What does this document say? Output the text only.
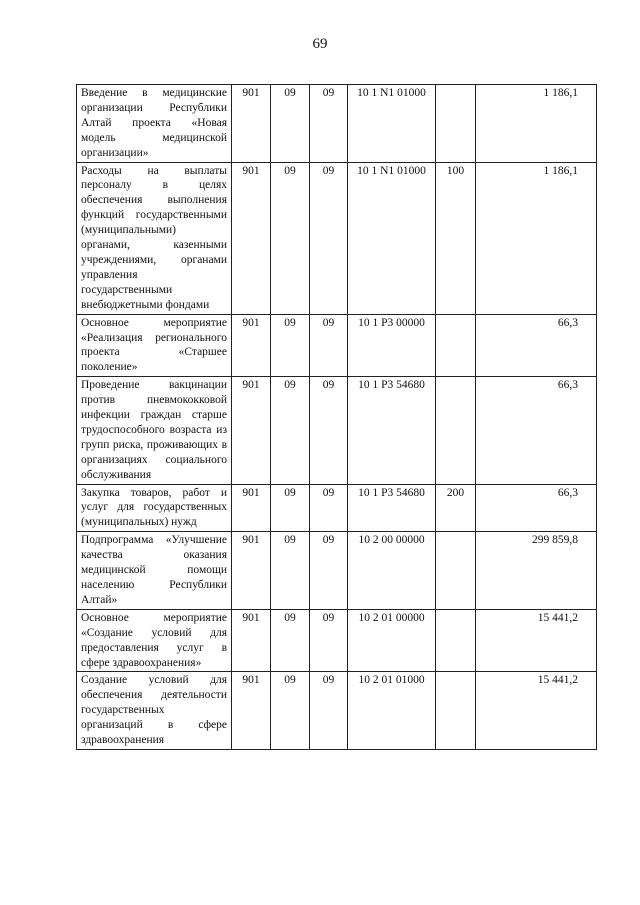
69
Введение в медицинские организации Республики Алтай проекта «Новая модель медицинской организации»	901	09	09	10 1 N1 01000		1 186,1
Расходы на выплаты персоналу в целях обеспечения выполнения функций государственными (муниципальными) органами, казенными учреждениями, органами управления государственными внебюджетными фондами	901	09	09	10 1 N1 01000	100	1 186,1
Основное мероприятие «Реализация регионального проекта «Старшее поколение»	901	09	09	10 1 P3 00000		66,3
Проведение вакцинации против пневмококковой инфекции граждан старше трудоспособного возраста из групп риска, проживающих в организациях социального обслуживания	901	09	09	10 1 P3 54680		66,3
Закупка товаров, работ и услуг для государственных (муниципальных) нужд	901	09	09	10 1 P3 54680	200	66,3
Подпрограмма «Улучшение качества оказания медицинской помощи населению Республики Алтай»	901	09	09	10 2 00 00000		299 859,8
Основное мероприятие «Создание условий для предоставления услуг в сфере здравоохранения»	901	09	09	10 2 01 00000		15 441,2
Создание условий для обеспечения деятельности государственных организаций в сфере здравоохранения	901	09	09	10 2 01 01000		15 441,2
